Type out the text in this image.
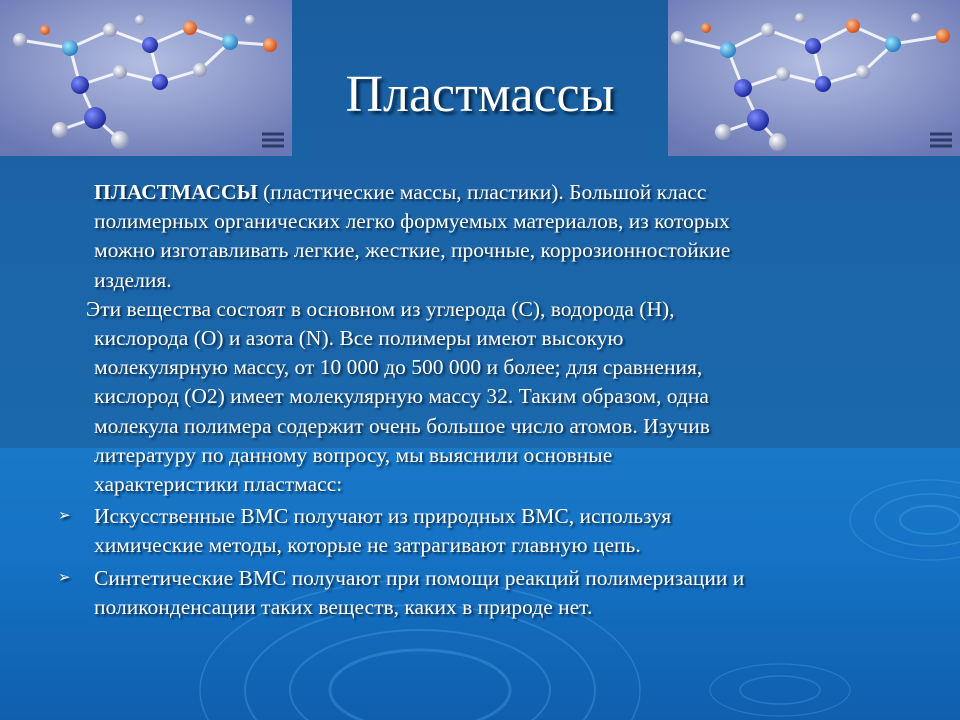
Пластмассы
ПЛАСТМАССЫ (пластические массы, пластики). Большой класс
полимерных органических легко формуемых материалов, из которых
можно изготавливать легкие, жесткие, прочные, коррозионностойкие
изделия.
Эти вещества состоят в основном из углерода (С), водорода (Н),
кислорода (О) и азота (N). Все полимеры имеют высокую
молекулярную массу, от 10 000 до 500 000 и более; для сравнения,
кислород (O2) имеет молекулярную массу 32. Таким образом, одна
молекула полимера содержит очень большое число атомов. Изучив
литературу по данному вопросу, мы выяснили основные
характеристики пластмасс:
➢ Искусственные ВМС получают из природных ВМС, используя
химические методы, которые не затрагивают главную цепь.
➢ Синтетические ВМС получают при помощи реакций полимеризации и
поликонденсации таких веществ, каких в природе нет.
